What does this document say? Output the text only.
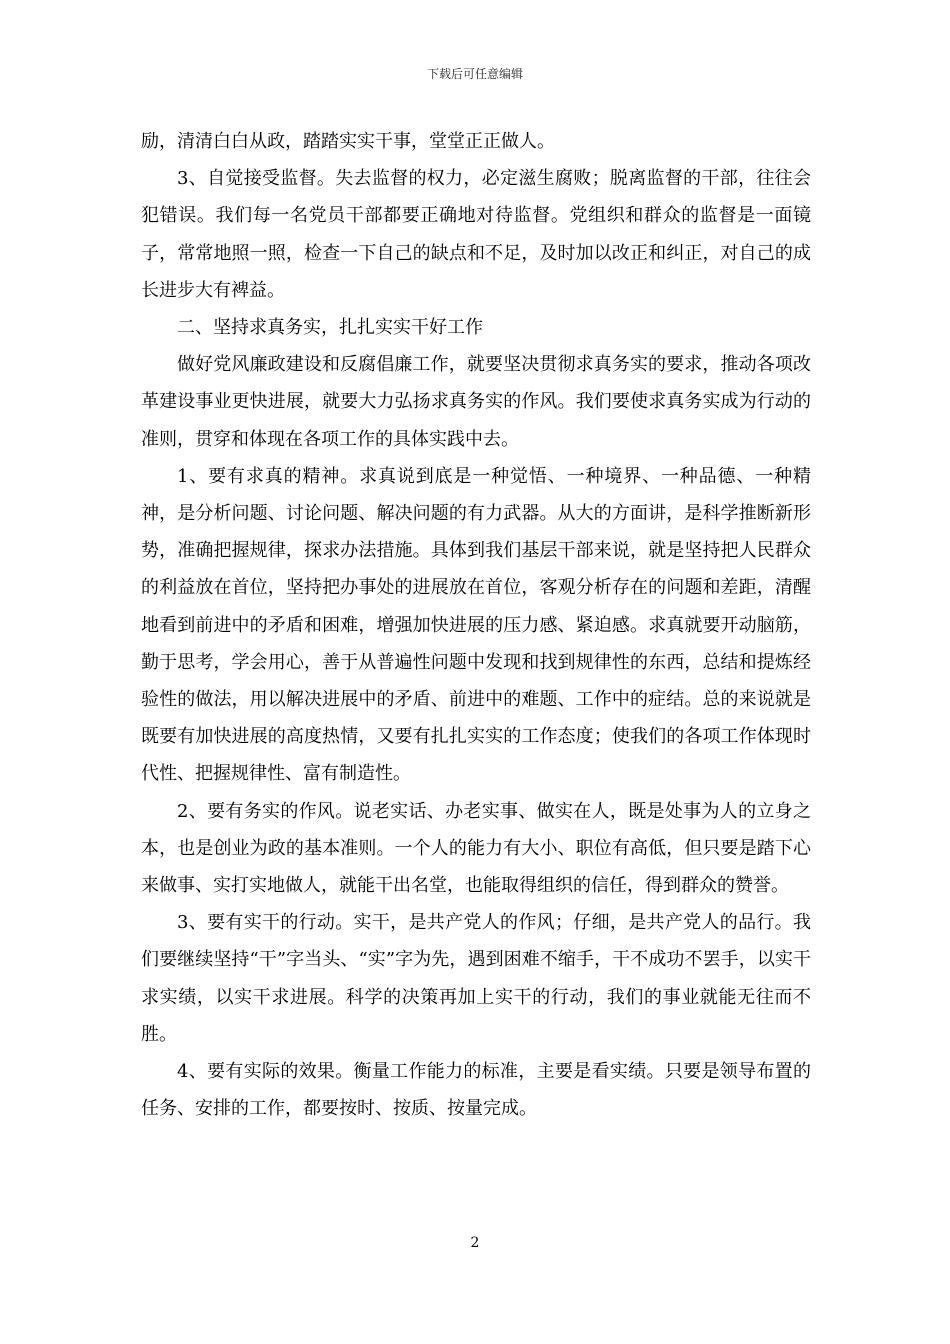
下载后可任意编辑

励，清清白白从政，踏踏实实干事，堂堂正正做人。

3、自觉接受监督。失去监督的权力，必定滋生腐败；脱离监督的干部，往往会犯错误。我们每一名党员干部都要正确地对待监督。党组织和群众的监督是一面镜子，常常地照一照，检查一下自己的缺点和不足，及时加以改正和纠正，对自己的成长进步大有裨益。

二、坚持求真务实，扎扎实实干好工作

做好党风廉政建设和反腐倡廉工作，就要坚决贯彻求真务实的要求，推动各项改革建设事业更快进展，就要大力弘扬求真务实的作风。我们要使求真务实成为行动的准则，贯穿和体现在各项工作的具体实践中去。

1、要有求真的精神。求真说到底是一种觉悟、一种境界、一种品德、一种精神，是分析问题、讨论问题、解决问题的有力武器。从大的方面讲，是科学推断新形势，准确把握规律，探求办法措施。具体到我们基层干部来说，就是坚持把人民群众的利益放在首位，坚持把办事处的进展放在首位，客观分析存在的问题和差距，清醒地看到前进中的矛盾和困难，增强加快进展的压力感、紧迫感。求真就要开动脑筋，勤于思考，学会用心，善于从普遍性问题中发现和找到规律性的东西，总结和提炼经验性的做法，用以解决进展中的矛盾、前进中的难题、工作中的症结。总的来说就是既要有加快进展的高度热情，又要有扎扎实实的工作态度；使我们的各项工作体现时代性、把握规律性、富有制造性。

2、要有务实的作风。说老实话、办老实事、做实在人，既是处事为人的立身之本，也是创业为政的基本准则。一个人的能力有大小、职位有高低，但只要是踏下心来做事、实打实地做人，就能干出名堂，也能取得组织的信任，得到群众的赞誉。

3、要有实干的行动。实干，是共产党人的作风；仔细，是共产党人的品行。我们要继续坚持“干”字当头、“实”字为先，遇到困难不缩手，干不成功不罢手，以实干求实绩，以实干求进展。科学的决策再加上实干的行动，我们的事业就能无往而不胜。

4、要有实际的效果。衡量工作能力的标准，主要是看实绩。只要是领导布置的任务、安排的工作，都要按时、按质、按量完成。

2
